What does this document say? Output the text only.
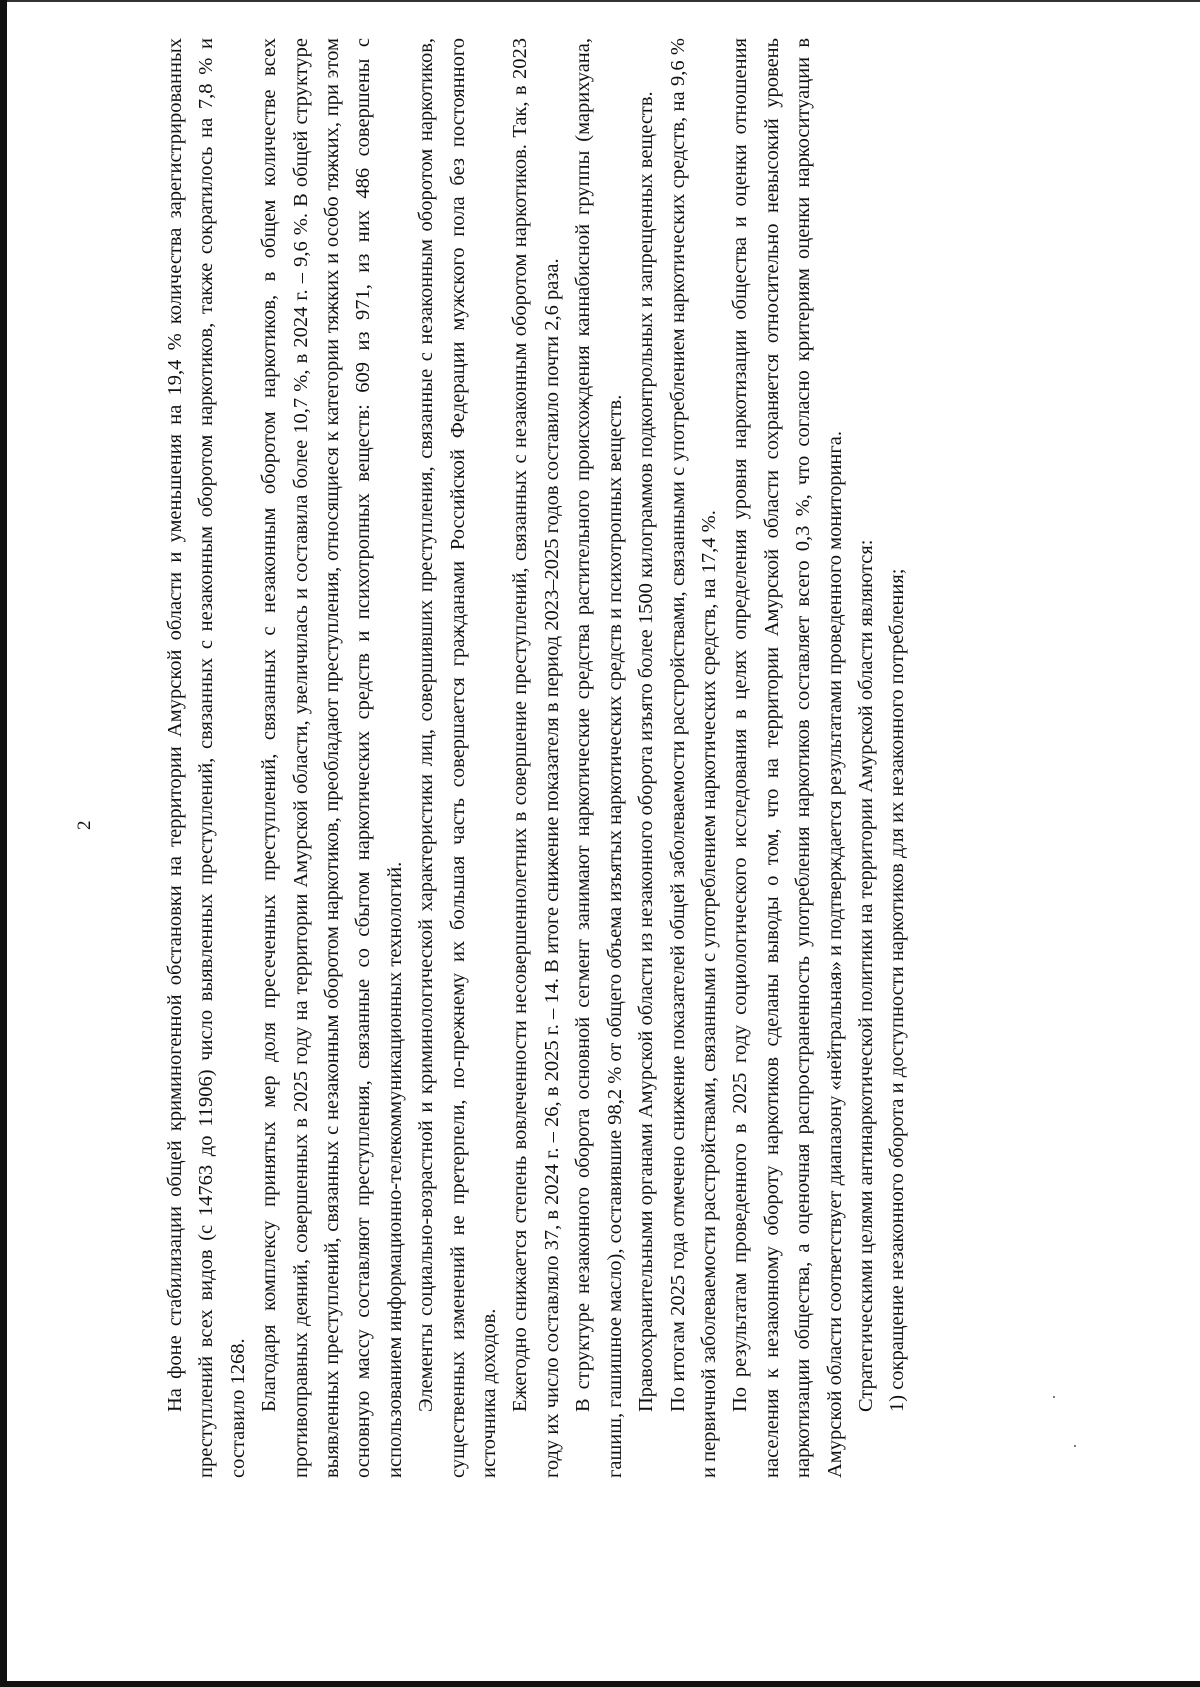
2	На фоне стабилизации общей криминогенной обстановки на территории Амурской области и уменьшения на 19,4 % количества зарегистрированных преступлений всех видов (с 14763 до 11906) число выявленных преступлений, связанных с незаконным оборотом наркотиков, также сократилось на 7,8 % и составило 1268. Благодаря комплексу принятых мер доля пресеченных преступлений, связанных с незаконным оборотом наркотиков, в общем количестве всех противоправных деяний, совершенных в 2025 году на территории Амурской области, увеличилась и составила более 10,7 %, в 2024 г. – 9,6 %. В общей структуре выявленных преступлений, связанных с незаконным оборотом наркотиков, преобладают преступления, относящиеся к категории тяжких и особо тяжких, при этом основную массу составляют преступления, связанные со сбытом наркотических средств и психотропных веществ: 609 из 971, из них 486 совершены с использованием информационно-телекоммуникационных технологий. Элементы социально-возрастной и криминологической характеристики лиц, совершивших преступления, связанные с незаконным оборотом наркотиков, существенных изменений не претерпели, по-прежнему их большая часть совершается гражданами Российской Федерации мужского пола без постоянного источника доходов. Ежегодно снижается степень вовлеченности несовершеннолетних в совершение преступлений, связанных с незаконным оборотом наркотиков. Так, в 2023 году их число составляло 37, в 2024 г. – 26, в 2025 г. – 14. В итоге снижение показателя в период 2023–2025 годов составило почти 2,6 раза. В структуре незаконного оборота основной сегмент занимают наркотические средства растительного происхождения каннабисной группы (марихуана, гашиш, гашишное масло), составившие 98,2 % от общего объема изъятых наркотических средств и психотропных веществ. Правоохранительными органами Амурской области из незаконного оборота изъято более 1500 килограммов подконтрольных и запрещенных веществ. По итогам 2025 года отмечено снижение показателей общей заболеваемости расстройствами, связанными с употреблением наркотических средств, на 9,6 % и первичной заболеваемости расстройствами, связанными с употреблением наркотических средств, на 17,4 %. По результатам проведенного в 2025 году социологического исследования в целях определения уровня наркотизации общества и оценки отношения населения к незаконному обороту наркотиков сделаны выводы о том, что на территории Амурской области сохраняется относительно невысокий уровень наркотизации общества, а оценочная распространенность употребления наркотиков составляет всего 0,3 %, что согласно критериям оценки наркоситуации в Амурской области соответствует диапазону «нейтральная» и подтверждается результатами проведенного мониторинга. Стратегическими целями антинаркотической политики на территории Амурской области являются: 1) сокращение незаконного оборота и доступности наркотиков для их незаконного потребления;
